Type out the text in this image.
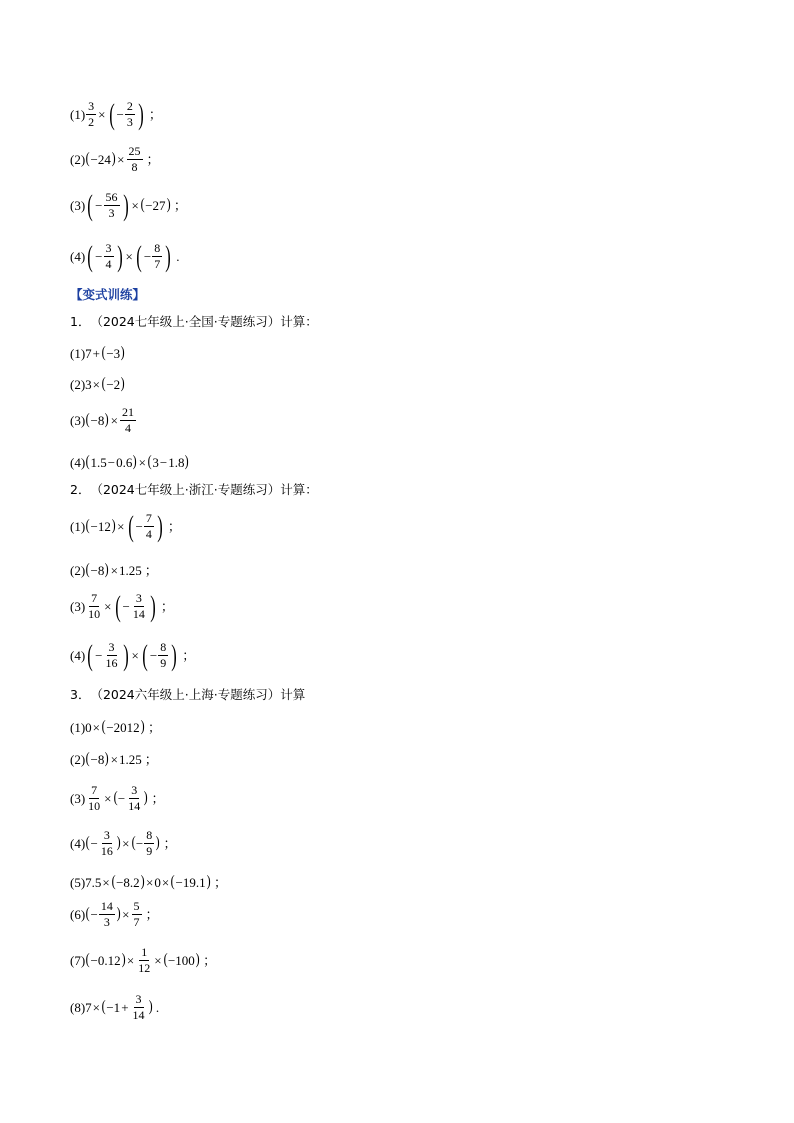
$(1) \frac{3}{2}$ × ( − $\frac{2}{3}$ ) ；
(2) ( −24 ) × $\frac{25}{8}$ ；
(3) ( − $\frac{56}{3}$ ) × ( −27 ) ；
(4) ( − $\frac{3}{4}$ ) × ( − $\frac{8}{7}$ ) .
【变式训练】
1． （2024七年级上·全国·专题练习）计算：
(1) 7 + ( −3 )
(2) 3 × ( −2 )
(3) ( −8 ) × $\frac{21}{4}$
(4) ( 1.5 − 0.6 ) × ( 3 − 1.8 )
2． （2024七年级上·浙江·专题练习）计算：
(1) ( −12 ) × ( − $\frac{7}{4}$ ) ；
(2) ( −8 ) × 1.25 ；
$(3) \frac{7}{10}$ × ( − $\frac{3}{14}$ ) ；
(4) ( − $\frac{3}{16}$ ) × ( − $\frac{8}{9}$ ) ；
3． （2024六年级上·上海·专题练习）计算
(1) 0 × ( −2012 ) ；
(2) ( −8 ) × 1.25 ；
$(3) \frac{7}{10}$ × ( − $\frac{3}{14}$ ) ；
(4) ( − $\frac{3}{16}$ ) × ( − $\frac{8}{9}$ ) ；
(5) 7.5 × ( −8.2 ) × 0 × ( −19.1 ) ；
(6) ( − $\frac{14}{3}$ ) × $\frac{5}{7}$ ；
(7) ( −0.12 ) × $\frac{1}{12}$ × ( −100 ) ；
(8) 7 × ( $-1 + \frac{3}{14}$ ) .
